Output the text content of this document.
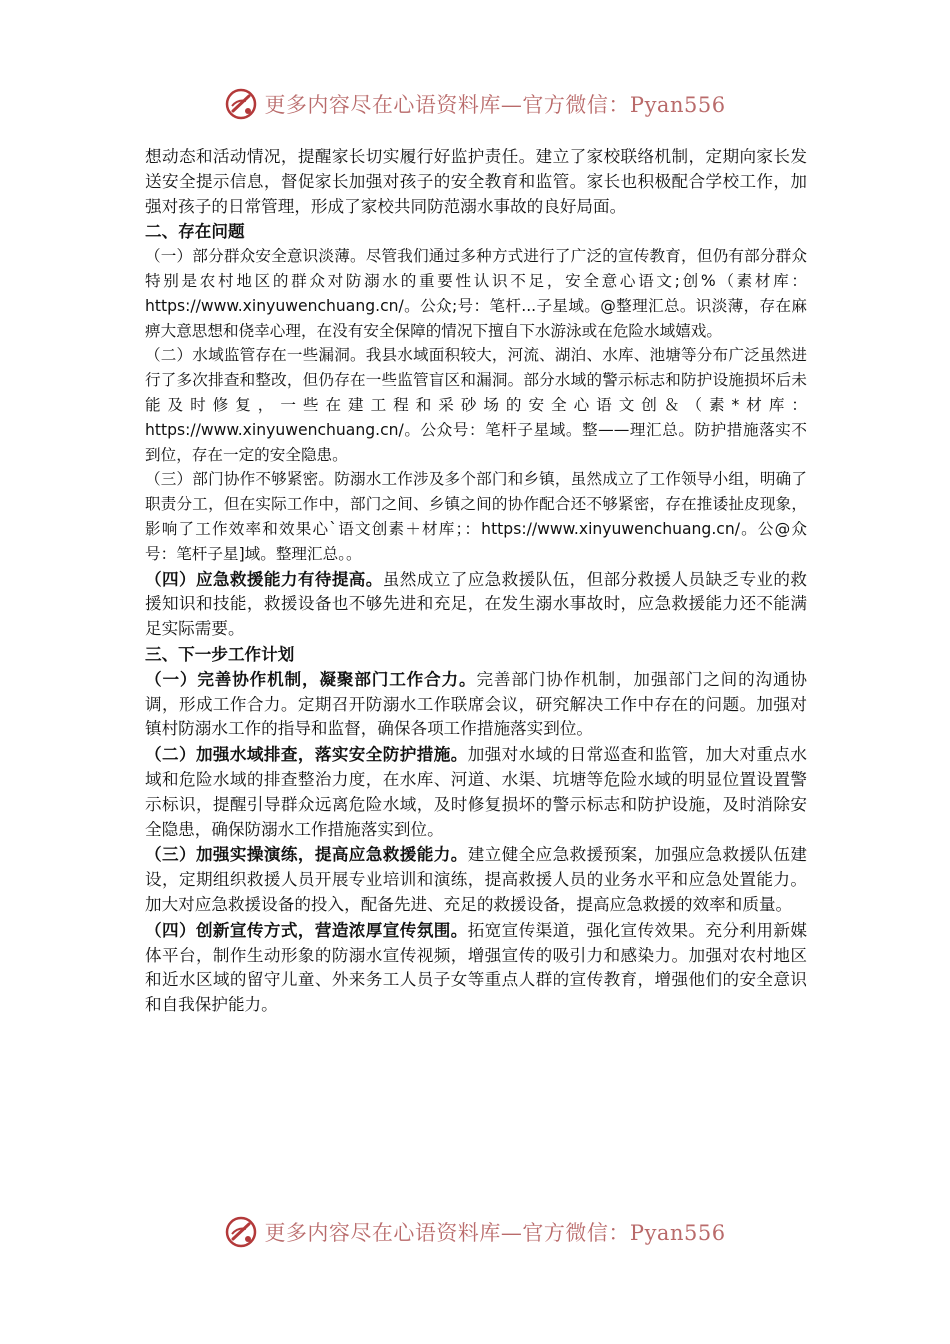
更多内容尽在心语资料库—官方微信：Pyan556

想动态和活动情况，提醒家长切实履行好监护责任。建立了家校联络机制，定期向家长发送安全提示信息，督促家长加强对孩子的安全教育和监管。家长也积极配合学校工作，加强对孩子的日常管理，形成了家校共同防范溺水事故的良好局面。

二、存在问题

（一）部分群众安全意识淡薄。尽管我们通过多种方式进行了广泛的宣传教育，但仍有部分群众特别是农村地区的群众对防溺水的重要性认识不足，安全意心语文;创%（素材库：https://www.xinyuwenchuang.cn/。公众;号：笔杆...子星域。@整理汇总。识淡薄，存在麻痹大意思想和侥幸心理，在没有安全保障的情况下擅自下水游泳或在危险水域嬉戏。

（二）水域监管存在一些漏洞。我县水域面积较大，河流、湖泊、水库、池塘等分布广泛虽然进行了多次排查和整改，但仍存在一些监管盲区和漏洞。部分水域的警示标志和防护设施损坏后未能及时修复，一些在建工程和采砂场的安全心语文创＆（素*材库：https://www.xinyuwenchuang.cn/。公众号：笔杆子星域。整——理汇总。防护措施落实不到位，存在一定的安全隐患。

（三）部门协作不够紧密。防溺水工作涉及多个部门和乡镇，虽然成立了工作领导小组，明确了职责分工，但在实际工作中，部门之间、乡镇之间的协作配合还不够紧密，存在推诿扯皮现象，影响了工作效率和效果心`语文创素＋材库；：https://www.xinyuwenchuang.cn/。公@众号：笔杆子星]域。整理汇总。。

（四）应急救援能力有待提高。虽然成立了应急救援队伍，但部分救援人员缺乏专业的救援知识和技能，救援设备也不够先进和充足，在发生溺水事故时，应急救援能力还不能满足实际需要。

三、下一步工作计划

（一）完善协作机制，凝聚部门工作合力。完善部门协作机制，加强部门之间的沟通协调，形成工作合力。定期召开防溺水工作联席会议，研究解决工作中存在的问题。加强对镇村防溺水工作的指导和监督，确保各项工作措施落实到位。

（二）加强水域排查，落实安全防护措施。加强对水域的日常巡查和监管，加大对重点水域和危险水域的排查整治力度，在水库、河道、水渠、坑塘等危险水域的明显位置设置警示标识，提醒引导群众远离危险水域，及时修复损坏的警示标志和防护设施，及时消除安全隐患，确保防溺水工作措施落实到位。

（三）加强实操演练，提高应急救援能力。建立健全应急救援预案，加强应急救援队伍建设，定期组织救援人员开展专业培训和演练，提高救援人员的业务水平和应急处置能力。加大对应急救援设备的投入，配备先进、充足的救援设备，提高应急救援的效率和质量。

（四）创新宣传方式，营造浓厚宣传氛围。拓宽宣传渠道，强化宣传效果。充分利用新媒体平台，制作生动形象的防溺水宣传视频，增强宣传的吸引力和感染力。加强对农村地区和近水区域的留守儿童、外来务工人员子女等重点人群的宣传教育，增强他们的安全意识和自我保护能力。

更多内容尽在心语资料库—官方微信：Pyan556
